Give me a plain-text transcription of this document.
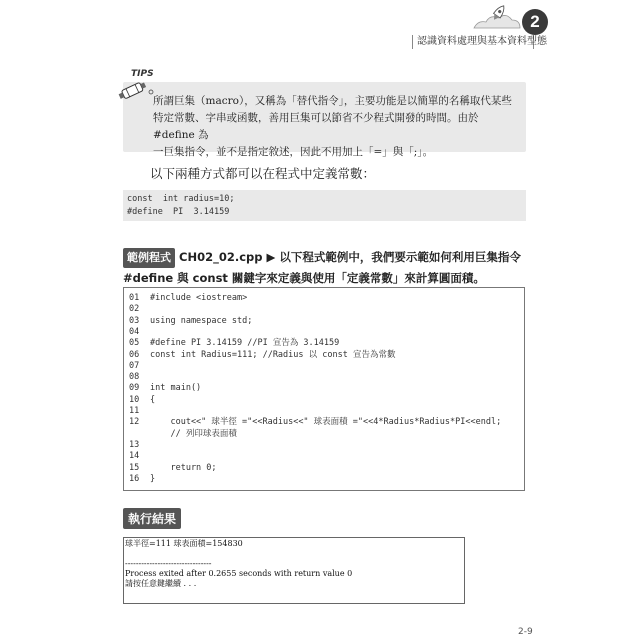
2
認識資料處理與基本資料型態
TIPS
所謂巨集（macro），又稱為「替代指令」，主要功能是以簡單的名稱取代某些
特定常數、字串或函數，善用巨集可以節省不少程式開發的時間。由於 #define 為
一巨集指令，並不是指定敘述，因此不用加上「=」與「;」。
以下兩種方式都可以在程式中定義常數：
const  int radius=10;
#define  PI  3.14159
範例程式 CH02_02.cpp ▶ 以下程式範例中，我們要示範如何利用巨集指令
#define 與 const 關鍵字來定義與使用「定義常數」來計算圓面積。
01 #include <iostream>
02
03 using namespace std;
04
05 #define PI 3.14159 //PI 宣告為 3.14159
06 const int Radius=111; //Radius 以 const 宣告為常數
07
08
09 int main()
10 {
11
12    cout<<" 球半徑 ="<<Radius<<" 球表面積 ="<<4*Radius*Radius*PI<<endl;
// 列印球表面積
13
14
15    return 0;
16 }
執行結果
球半徑=111 球表面積=154830
--------------------------------
Process exited after 0.2655 seconds with return value 0
請按任意鍵繼續 . . .
2-9
